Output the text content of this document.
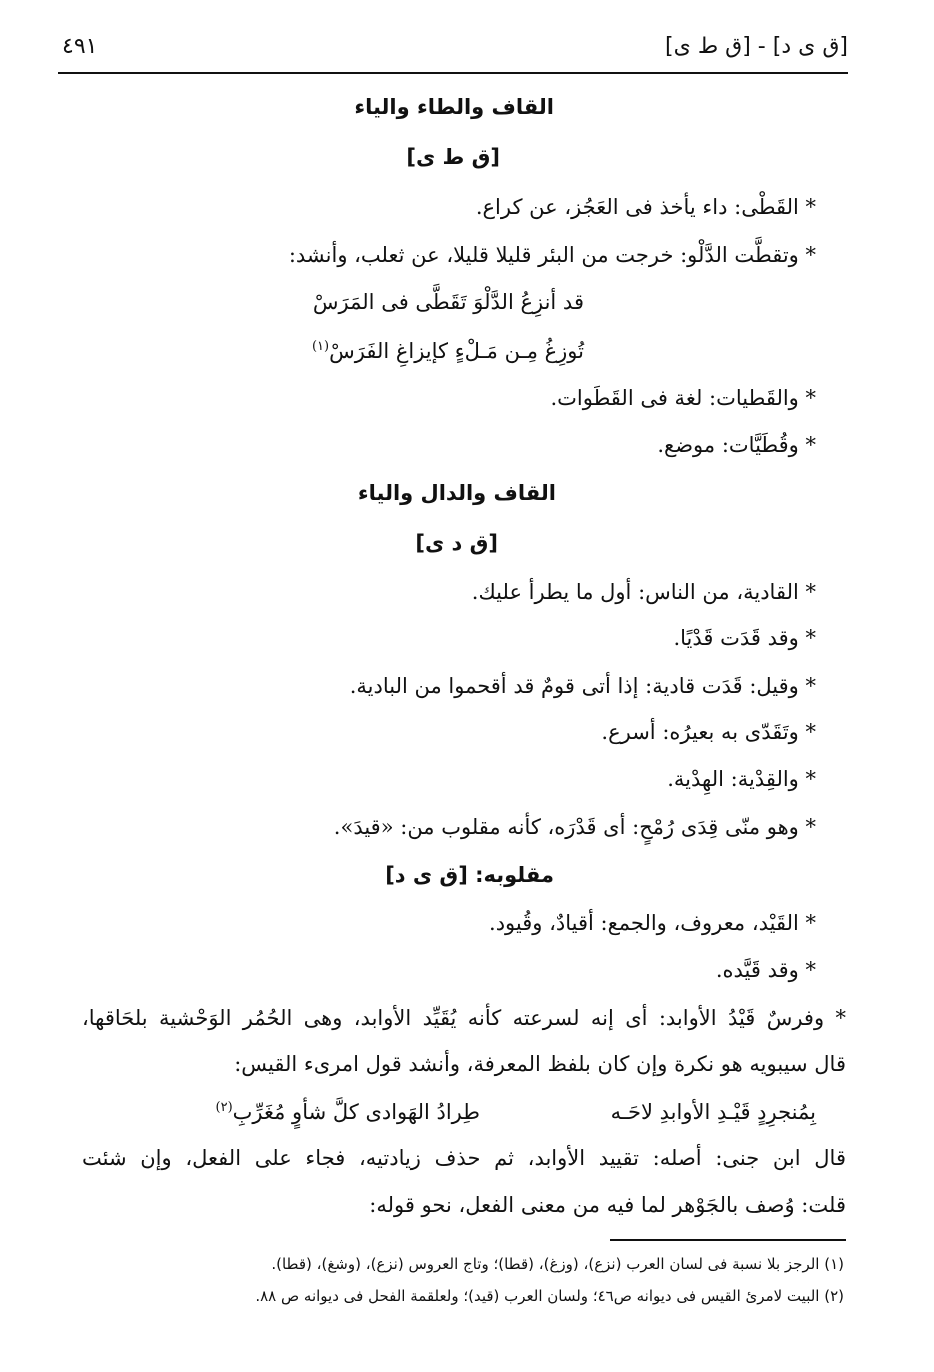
٤٩١	[ق ط ى] - [ق ى د]
القاف والطاء والياء
[ق ط ى]
* القَطْى: داء يأخذ فى العَجُز، عن كراع.
* وتقطَّت الدَّلْو: خرجت من البئر قليلا قليلا، عن ثعلب، وأنشد:
قد أنزِعُ الدَّلْوَ تَقَطَّى فى المَرَسْ
تُوزِغُ مِـن مَـلْءٍ كإيزاغِ الفَرَسْ$^{(١)}$
* والقَطيات: لغة فى القَطَوات.
* وقُطَيَّات: موضع.
القاف والدال والياء
[ق د ى]
* القادية، من الناس: أول ما يطرأ عليك.
* وقد قَدَت قَدْيًا.
* وقيل: قَدَت قادية: إذا أتى قومٌ قد أقحموا من البادية.
* وتَقَدّى به بعيرُه: أسرع.
* والقِدْية: الهِدْية.
* وهو منّى قِدَى رُمْحٍ: أى قَدْرَه، كأنه مقلوب من: «قيدَ».
مقلوبه: [ق ى د]
* القَيْد، معروف، والجمع: أقيادٌ، وقُيود.
* وقد قَيَّده.
* وفرسٌ قَيْدُ الأوابد: أى إنه لسرعته كأنه يُقَيِّد الأوابد، وهى الحُمُر الوَحْشية بلحَاقها،
قال سيبويه هو نكرة وإن كان بلفظ المعرفة، وأنشد قول امرىء القيس:
بِمُنجرِدٍ قَيْـدِ الأوابدِ لاحَـه
طِرادُ الهَوادى كلَّ شأوٍ مُغَرِّبِ$^{(٢)}$
قال ابن جنى: أصله: تقييد الأوابد، ثم حذف زيادتيه، فجاء على الفعل، وإن شئت
قلت: وُصف بالجَوْهر لما فيه من معنى الفعل، نحو قوله:
(١) الرجز بلا نسبة فى لسان العرب (نزع)، (وزغ)، (قطا)؛ وتاج العروس (نزع)، (وشغ)، (قطا).
(٢) البيت لامرئ القيس فى ديوانه ص٤٦؛ ولسان العرب (قيد)؛ ولعلقمة الفحل فى ديوانه ص ٨٨.
